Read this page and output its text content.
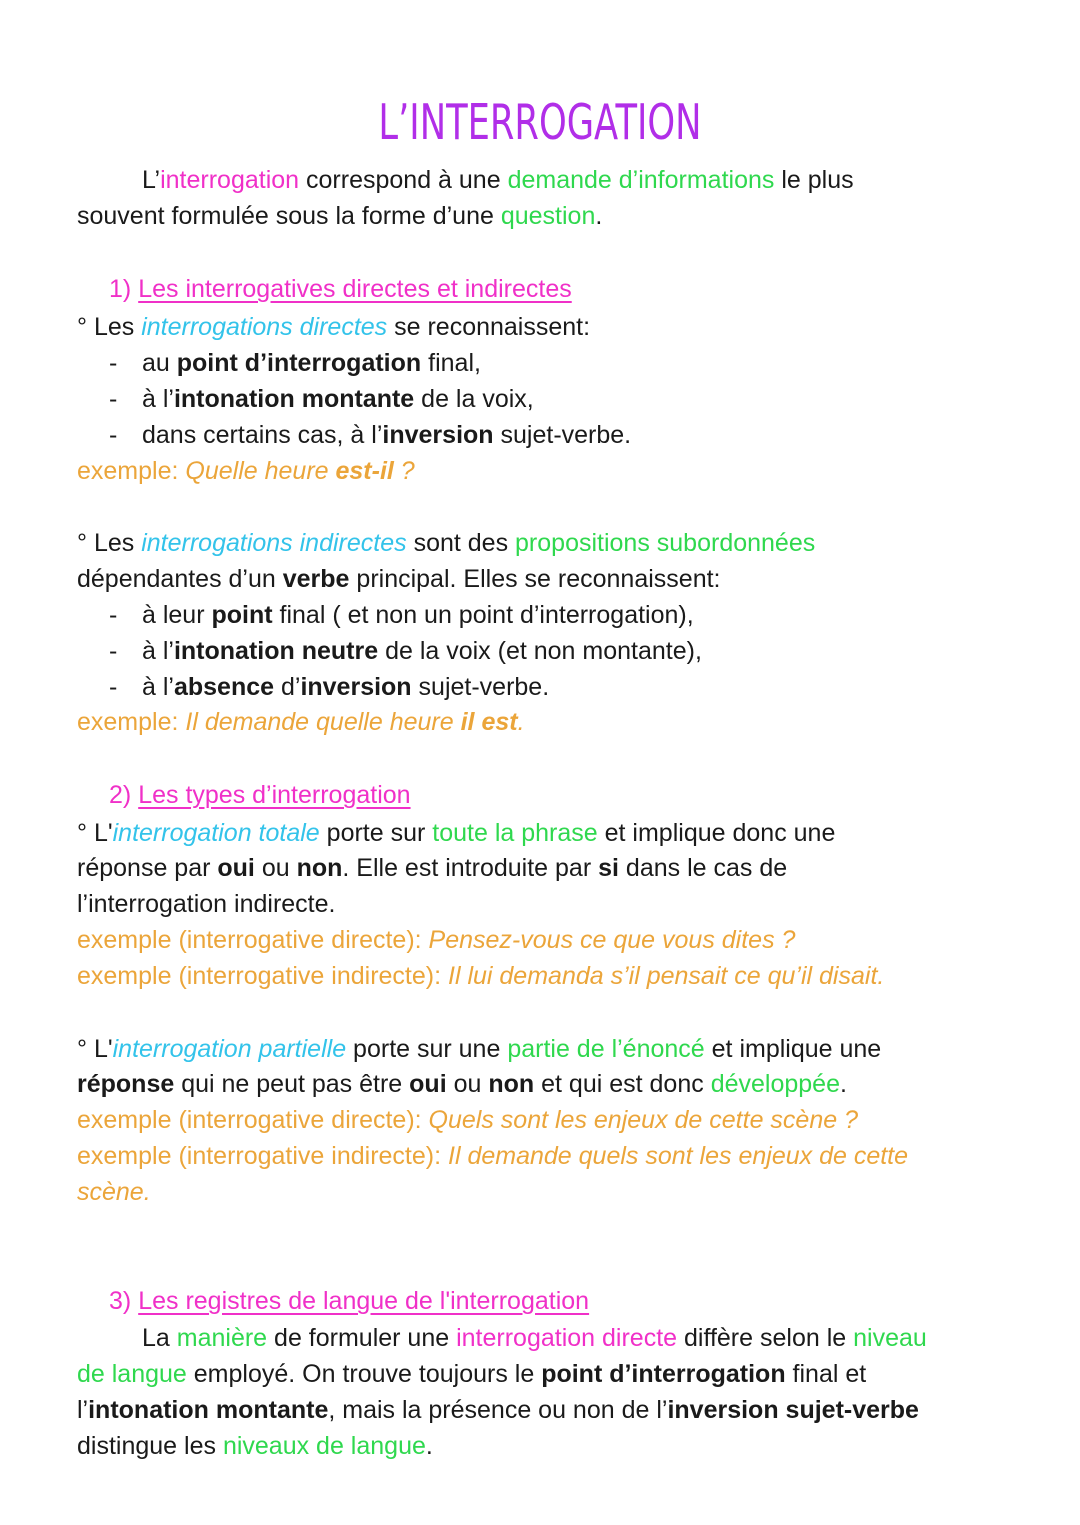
L’INTERROGATION

L’interrogation correspond à une demande d’informations le plus

souvent formulée sous la forme d’une question.

1) Les interrogatives directes et indirectes

° Les interrogations directes se reconnaissent:

- au point d’interrogation final,

- à l’intonation montante de la voix,

- dans certains cas, à l’inversion sujet-verbe.

exemple: Quelle heure est-il ?

° Les interrogations indirectes sont des propositions subordonnées

dépendantes d’un verbe principal. Elles se reconnaissent:

- à leur point final ( et non un point d’interrogation),

- à l’intonation neutre de la voix (et non montante),

- à l’absence d’inversion sujet-verbe.

exemple: Il demande quelle heure il est.

2) Les types d’interrogation

° L'interrogation totale porte sur toute la phrase et implique donc une

réponse par oui ou non. Elle est introduite par si dans le cas de

l’interrogation indirecte.

exemple (interrogative directe): Pensez-vous ce que vous dites ?

exemple (interrogative indirecte): Il lui demanda s’il pensait ce qu’il disait.

° L'interrogation partielle porte sur une partie de l’énoncé et implique une

réponse qui ne peut pas être oui ou non et qui est donc développée.

exemple (interrogative directe): Quels sont les enjeux de cette scène ?

exemple (interrogative indirecte): Il demande quels sont les enjeux de cette

scène.

3) Les registres de langue de l'interrogation

La manière de formuler une interrogation directe diffère selon le niveau

de langue employé. On trouve toujours le point d’interrogation final et

l’intonation montante, mais la présence ou non de l’inversion sujet-verbe

distingue les niveaux de langue.
